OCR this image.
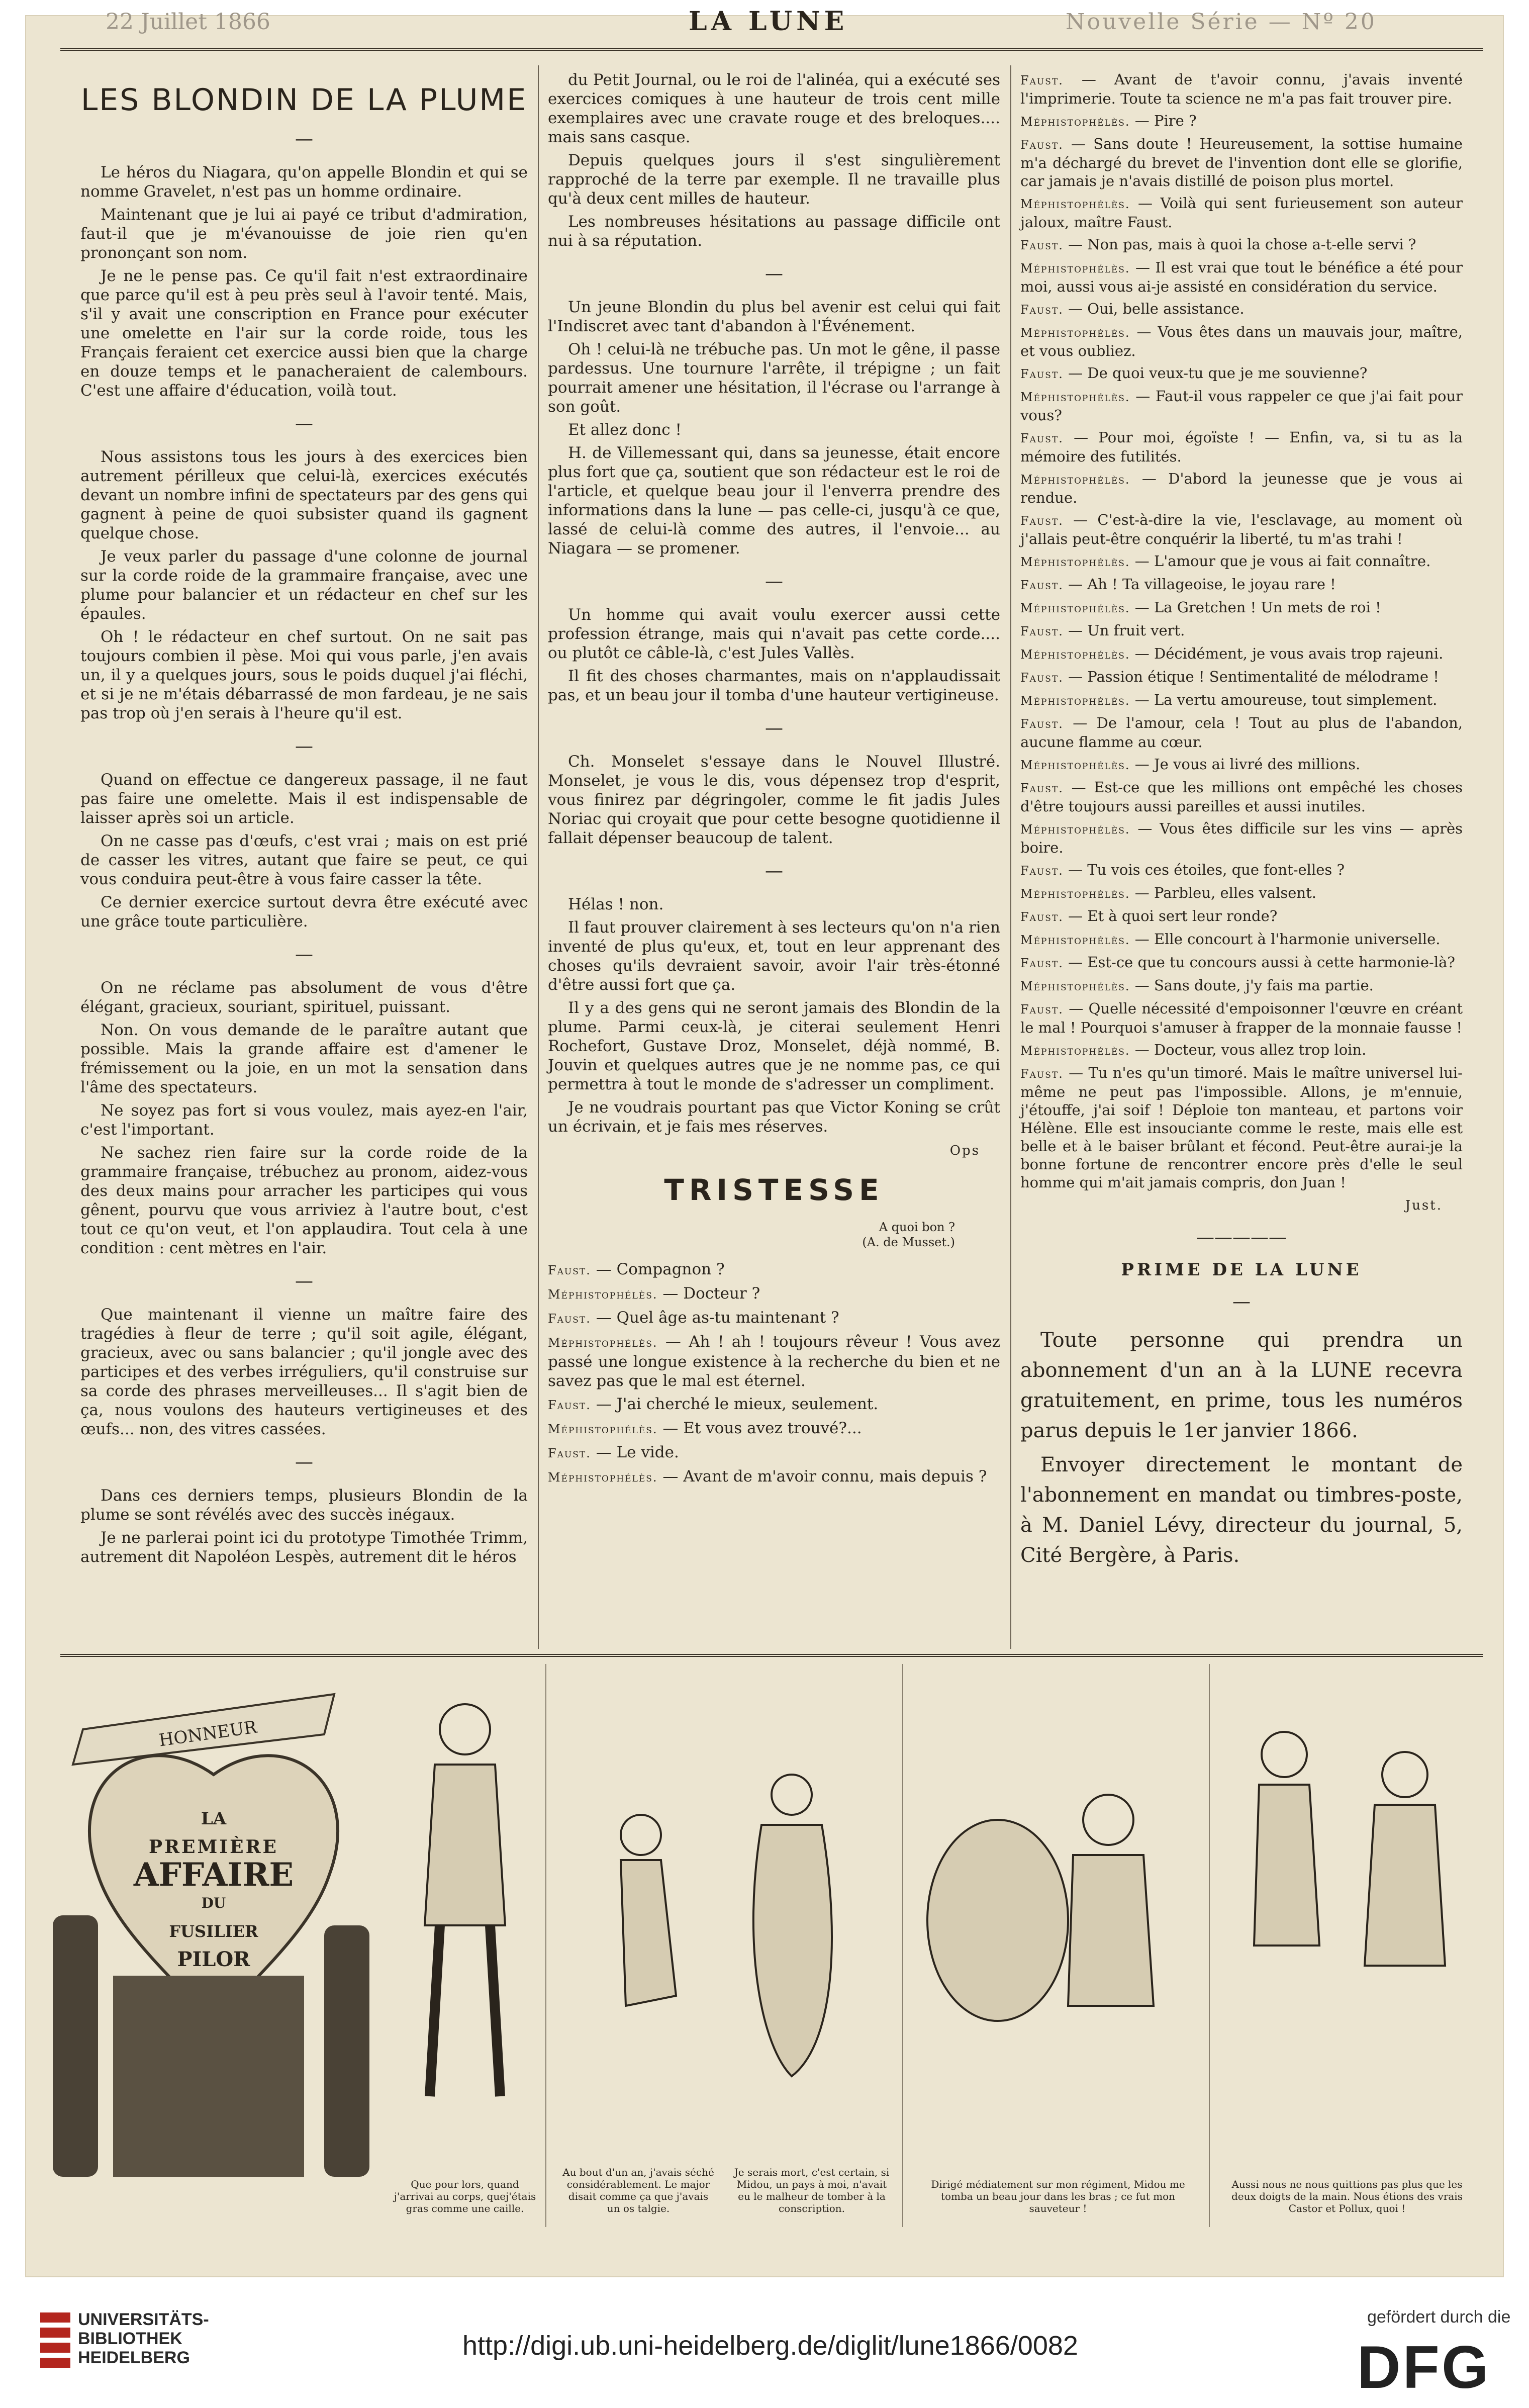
22 Juillet 1866	LA LUNE	Nouvelle Série — Nº 20
LES BLONDIN DE LA PLUME
—

Le héros du Niagara, qu'on appelle Blondin et qui se nomme Gravelet, n'est pas un homme ordinaire.

Maintenant que je lui ai payé ce tribut d'admiration, faut-il que je m'évanouisse de joie rien qu'en prononçant son nom.

Je ne le pense pas. Ce qu'il fait n'est extraordinaire que parce qu'il est à peu près seul à l'avoir tenté. Mais, s'il y avait une conscription en France pour exécuter une omelette en l'air sur la corde roide, tous les Français feraient cet exercice aussi bien que la charge en douze temps et le panacheraient de calembours. C'est une affaire d'éducation, voilà tout.

—

Nous assistons tous les jours à des exercices bien autrement périlleux que celui-là, exercices exécutés devant un nombre infini de spectateurs par des gens qui gagnent à peine de quoi subsister quand ils gagnent quelque chose.

Je veux parler du passage d'une colonne de journal sur la corde roide de la grammaire française, avec une plume pour balancier et un rédacteur en chef sur les épaules.

Oh ! le rédacteur en chef surtout. On ne sait pas toujours combien il pèse. Moi qui vous parle, j'en avais un, il y a quelques jours, sous le poids duquel j'ai fléchi, et si je ne m'étais débarrassé de mon fardeau, je ne sais pas trop où j'en serais à l'heure qu'il est.

—

Quand on effectue ce dangereux passage, il ne faut pas faire une omelette. Mais il est indispensable de laisser après soi un article.

On ne casse pas d'œufs, c'est vrai ; mais on est prié de casser les vitres, autant que faire se peut, ce qui vous conduira peut-être à vous faire casser la tête.

Ce dernier exercice surtout devra être exécuté avec une grâce toute particulière.

—

On ne réclame pas absolument de vous d'être élégant, gracieux, souriant, spirituel, puissant.

Non. On vous demande de le paraître autant que possible. Mais la grande affaire est d'amener le frémissement ou la joie, en un mot la sensation dans l'âme des spectateurs.

Ne soyez pas fort si vous voulez, mais ayez-en l'air, c'est l'important.

Ne sachez rien faire sur la corde roide de la grammaire française, trébuchez au pronom, aidez-vous des deux mains pour arracher les participes qui vous gênent, pourvu que vous arriviez à l'autre bout, c'est tout ce qu'on veut, et l'on applaudira. Tout cela à une condition : cent mètres en l'air.

—

Que maintenant il vienne un maître faire des tragédies à fleur de terre ; qu'il soit agile, élégant, gracieux, avec ou sans balancier ; qu'il jongle avec des participes et des verbes irréguliers, qu'il construise sur sa corde des phrases merveilleuses... Il s'agit bien de ça, nous voulons des hauteurs vertigineuses et des œufs... non, des vitres cassées.

—

Dans ces derniers temps, plusieurs Blondin de la plume se sont révélés avec des succès inégaux.

Je ne parlerai point ici du prototype Timothée Trimm, autrement dit Napoléon Lespès, autrement dit le héros

du Petit Journal, ou le roi de l'alinéa, qui a exécuté ses exercices comiques à une hauteur de trois cent mille exemplaires avec une cravate rouge et des breloques.... mais sans casque.

Depuis quelques jours il s'est singulièrement rapproché de la terre par exemple. Il ne travaille plus qu'à deux cent milles de hauteur.

Les nombreuses hésitations au passage difficile ont nui à sa réputation.

—

Un jeune Blondin du plus bel avenir est celui qui fait l'Indiscret avec tant d'abandon à l'Événement.

Oh ! celui-là ne trébuche pas. Un mot le gêne, il passe pardessus. Une tournure l'arrête, il trépigne ; un fait pourrait amener une hésitation, il l'écrase ou l'arrange à son goût.

Et allez donc !

H. de Villemessant qui, dans sa jeunesse, était encore plus fort que ça, soutient que son rédacteur est le roi de l'article, et quelque beau jour il l'enverra prendre des informations dans la lune — pas celle-ci, jusqu'à ce que, lassé de celui-là comme des autres, il l'envoie... au Niagara — se promener.

—

Un homme qui avait voulu exercer aussi cette profession étrange, mais qui n'avait pas cette corde.... ou plutôt ce câble-là, c'est Jules Vallès.

Il fit des choses charmantes, mais on n'applaudissait pas, et un beau jour il tomba d'une hauteur vertigineuse.

—

Ch. Monselet s'essaye dans le Nouvel Illustré. Monselet, je vous le dis, vous dépensez trop d'esprit, vous finirez par dégringoler, comme le fit jadis Jules Noriac qui croyait que pour cette besogne quotidienne il fallait dépenser beaucoup de talent.

—

Hélas ! non.

Il faut prouver clairement à ses lecteurs qu'on n'a rien inventé de plus qu'eux, et, tout en leur apprenant des choses qu'ils devraient savoir, avoir l'air très-étonné d'être aussi fort que ça.

Il y a des gens qui ne seront jamais des Blondin de la plume. Parmi ceux-là, je citerai seulement Henri Rochefort, Gustave Droz, Monselet, déjà nommé, B. Jouvin et quelques autres que je ne nomme pas, ce qui permettra à tout le monde de s'adresser un compliment.

Je ne voudrais pourtant pas que Victor Koning se crût un écrivain, et je fais mes réserves.

Ops
TRISTESSE
A quoi bon ?
(A. de Musset.)

Faust. — Compagnon ?

Méphistophélès. — Docteur ?

Faust. — Quel âge as-tu maintenant ?

Méphistophélès. — Ah ! ah ! toujours rêveur ! Vous avez passé une longue existence à la recherche du bien et ne savez pas que le mal est éternel.

Faust. — J'ai cherché le mieux, seulement.

Méphistophélès. — Et vous avez trouvé?...

Faust. — Le vide.

Méphistophélès. — Avant de m'avoir connu, mais depuis ?

Faust. — Avant de t'avoir connu, j'avais inventé l'imprimerie. Toute ta science ne m'a pas fait trouver pire.

Méphistophélès. — Pire ?

Faust. — Sans doute ! Heureusement, la sottise humaine m'a déchargé du brevet de l'invention dont elle se glorifie, car jamais je n'avais distillé de poison plus mortel.

Méphistophélès. — Voilà qui sent furieusement son auteur jaloux, maître Faust.

Faust. — Non pas, mais à quoi la chose a-t-elle servi ?

Méphistophélès. — Il est vrai que tout le bénéfice a été pour moi, aussi vous ai-je assisté en considération du service.

Faust. — Oui, belle assistance.

Méphistophélès. — Vous êtes dans un mauvais jour, maître, et vous oubliez.

Faust. — De quoi veux-tu que je me souvienne?

Méphistophélès. — Faut-il vous rappeler ce que j'ai fait pour vous?

Faust. — Pour moi, égoïste ! — Enfin, va, si tu as la mémoire des futilités.

Méphistophélès. — D'abord la jeunesse que je vous ai rendue.

Faust. — C'est-à-dire la vie, l'esclavage, au moment où j'allais peut-être conquérir la liberté, tu m'as trahi !

Méphistophélès. — L'amour que je vous ai fait connaître.

Faust. — Ah ! Ta villageoise, le joyau rare !

Méphistophélès. — La Gretchen ! Un mets de roi !

Faust. — Un fruit vert.

Méphistophélès. — Décidément, je vous avais trop rajeuni.

Faust. — Passion étique ! Sentimentalité de mélodrame !

Méphistophélès. — La vertu amoureuse, tout simplement.

Faust. — De l'amour, cela ! Tout au plus de l'abandon, aucune flamme au cœur.

Méphistophélès. — Je vous ai livré des millions.

Faust. — Est-ce que les millions ont empêché les choses d'être toujours aussi pareilles et aussi inutiles.

Méphistophélès. — Vous êtes difficile sur les vins — après boire.

Faust. — Tu vois ces étoiles, que font-elles ?

Méphistophélès. — Parbleu, elles valsent.

Faust. — Et à quoi sert leur ronde?

Méphistophélès. — Elle concourt à l'harmonie universelle.

Faust. — Est-ce que tu concours aussi à cette harmonie-là?

Méphistophélès. — Sans doute, j'y fais ma partie.

Faust. — Quelle nécessité d'empoisonner l'œuvre en créant le mal ! Pourquoi s'amuser à frapper de la monnaie fausse !

Méphistophélès. — Docteur, vous allez trop loin.

Faust. — Tu n'es qu'un timoré. Mais le maître universel lui-même ne peut pas l'impossible. Allons, je m'ennuie, j'étouffe, j'ai soif ! Déploie ton manteau, et partons voir Hélène. Elle est insouciante comme le reste, mais elle est belle et à le baiser brûlant et fécond. Peut-être aurai-je la bonne fortune de rencontrer encore près d'elle le seul homme qui m'ait jamais compris, don Juan !

Just.
—————
PRIME DE LA LUNE
—

Toute personne qui prendra un abonnement d'un an à la LUNE recevra gratuitement, en prime, tous les numéros parus depuis le 1er janvier 1866.

Envoyer directement le montant de l'abonnement en mandat ou timbres-poste, à M. Daniel Lévy, directeur du journal, 5, Cité Bergère, à Paris.

HONNEUR
LA
PREMIÈRE
AFFAIRE
DU
FUSILIER
PILOR
Que pour lors, quand j'arrivai au corps, quej'étais gras comme une caille.
Au bout d'un an, j'avais séché considérablement. Le major disait comme ça que j'avais un os talgie.
Je serais mort, c'est certain, si Midou, un pays à moi, n'avait eu le malheur de tomber à la conscription.
Dirigé médiatement sur mon régiment, Midou me tomba un beau jour dans les bras ; ce fut mon sauveteur !
Aussi nous ne nous quittions pas plus que les deux doigts de la main. Nous étions des vrais Castor et Pollux, quoi !
UNIVERSITÄTS-
BIBLIOTHEK
HEIDELBERG	http://digi.ub.uni-heidelberg.de/diglit/lune1866/0082
gefördert durch die
DFG
